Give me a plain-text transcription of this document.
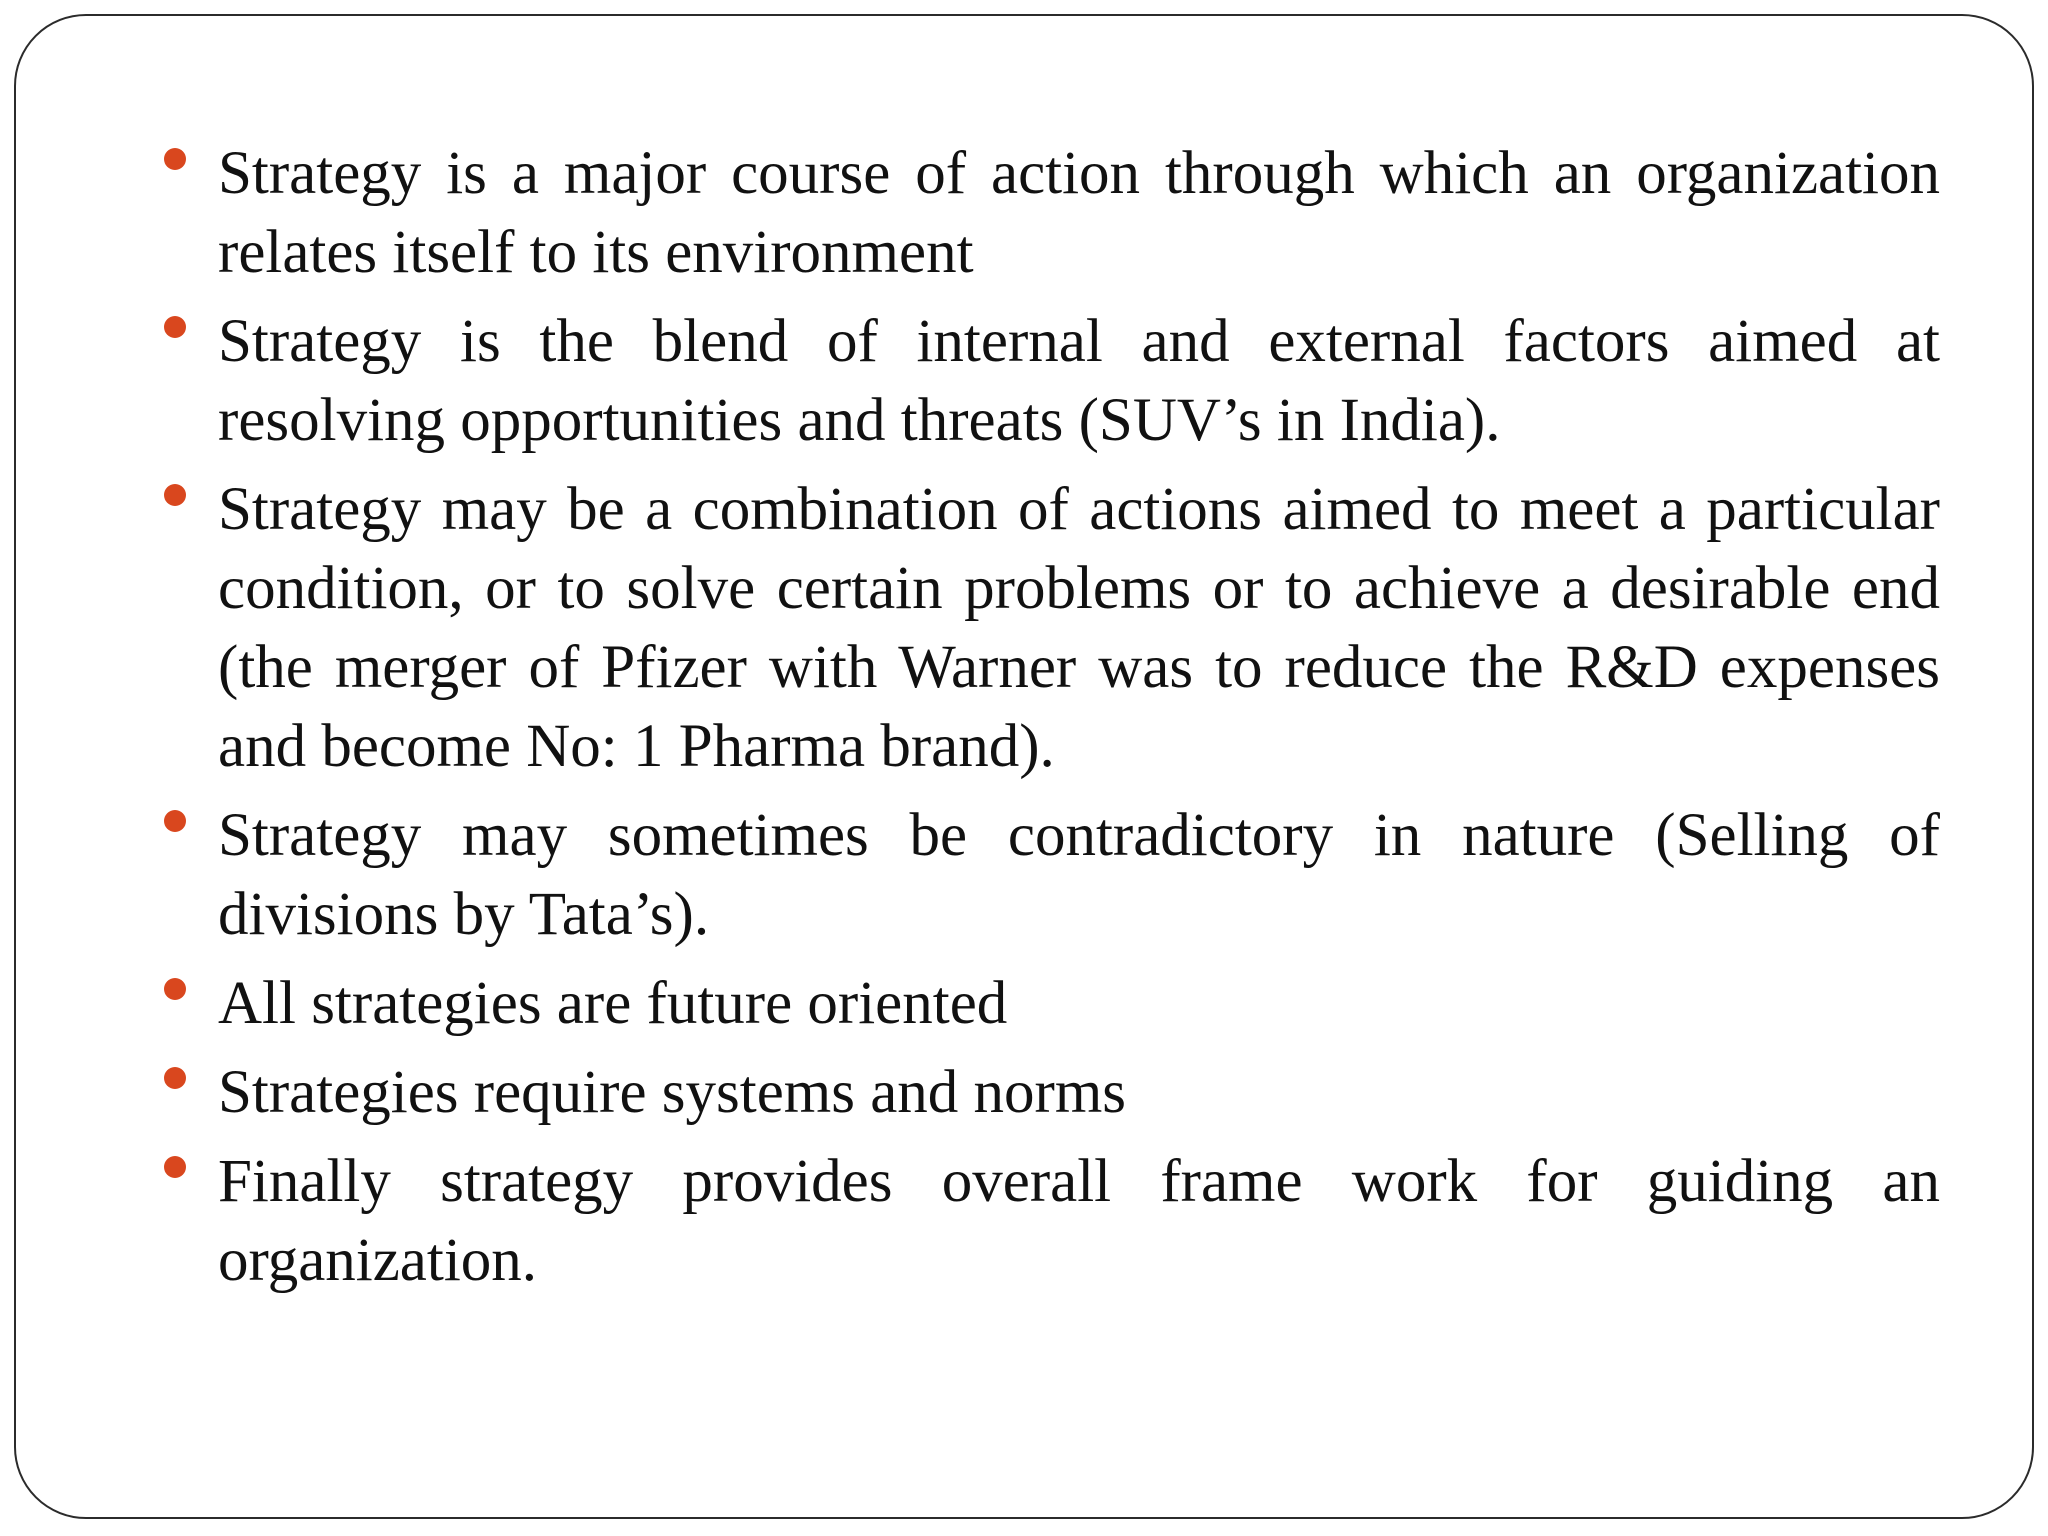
Strategy is a major course of action through which an organization relates itself to its environment
Strategy is the blend of internal and external factors aimed at resolving opportunities and threats (SUV’s in India).
Strategy may be a combination of actions aimed to meet a particular condition, or to solve certain problems or to achieve a desirable end (the merger of Pfizer with Warner was to reduce the R&D expenses and become No: 1 Pharma brand).
Strategy may sometimes be contradictory in nature (Selling of divisions by Tata’s).
All strategies are future oriented
Strategies require systems and norms
Finally strategy provides overall frame work for guiding an organization.
